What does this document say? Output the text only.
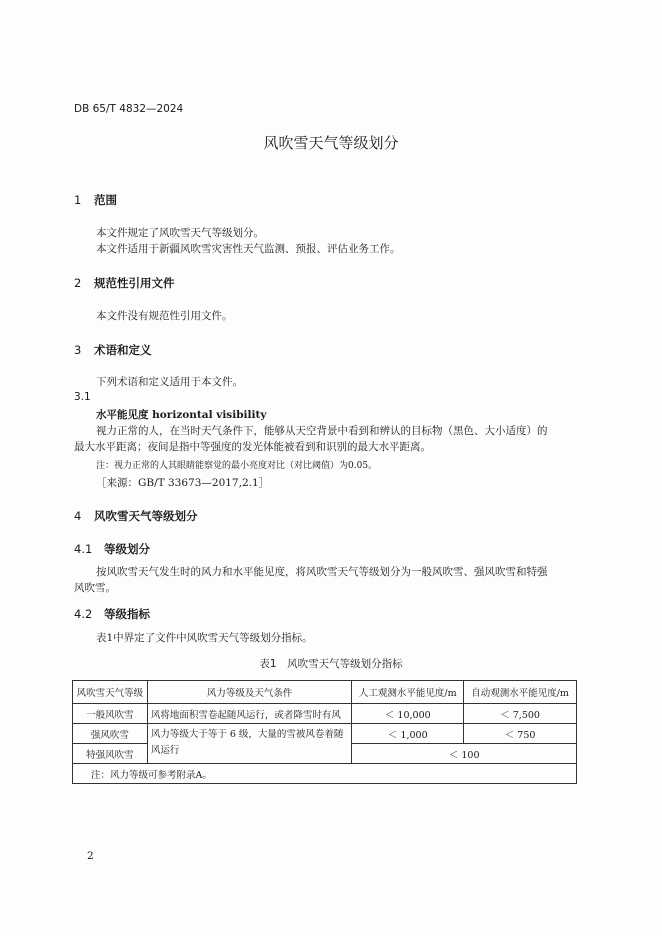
DB 65/T 4832—2024
风吹雪天气等级划分
1 范围
本文件规定了风吹雪天气等级划分。
本文件适用于新疆风吹雪灾害性天气监测、预报、评估业务工作。
2 规范性引用文件
本文件没有规范性引用文件。
3 术语和定义
下列术语和定义适用于本文件。
3.1
水平能见度 horizontal visibility
视力正常的人，在当时天气条件下，能够从天空背景中看到和辨认的目标物（黑色、大小适度）的
最大水平距离；夜间是指中等强度的发光体能被看到和识别的最大水平距离。
注：视力正常的人其眼睛能察觉的最小亮度对比（对比阈值）为0.05。
［来源：GB/T 33673—2017,2.1］
4 风吹雪天气等级划分
4.1 等级划分
按风吹雪天气发生时的风力和水平能见度，将风吹雪天气等级划分为一般风吹雪、强风吹雪和特强
风吹雪。
4.2 等级指标
表1中界定了文件中风吹雪天气等级划分指标。
表1　风吹雪天气等级划分指标
风吹雪天气等级	风力等级及天气条件	人工观测水平能见度/m	自动观测水平能见度/m
一般风吹雪	风将地面积雪卷起随风运行，或者降雪时有风	＜ 10,000	＜ 7,500
强风吹雪	风力等级大于等于 6 级，大量的雪被风卷着随风运行	＜ 1,000	＜ 750
特强风吹雪		＜ 100	
注：风力等级可参考附录A。			
2
